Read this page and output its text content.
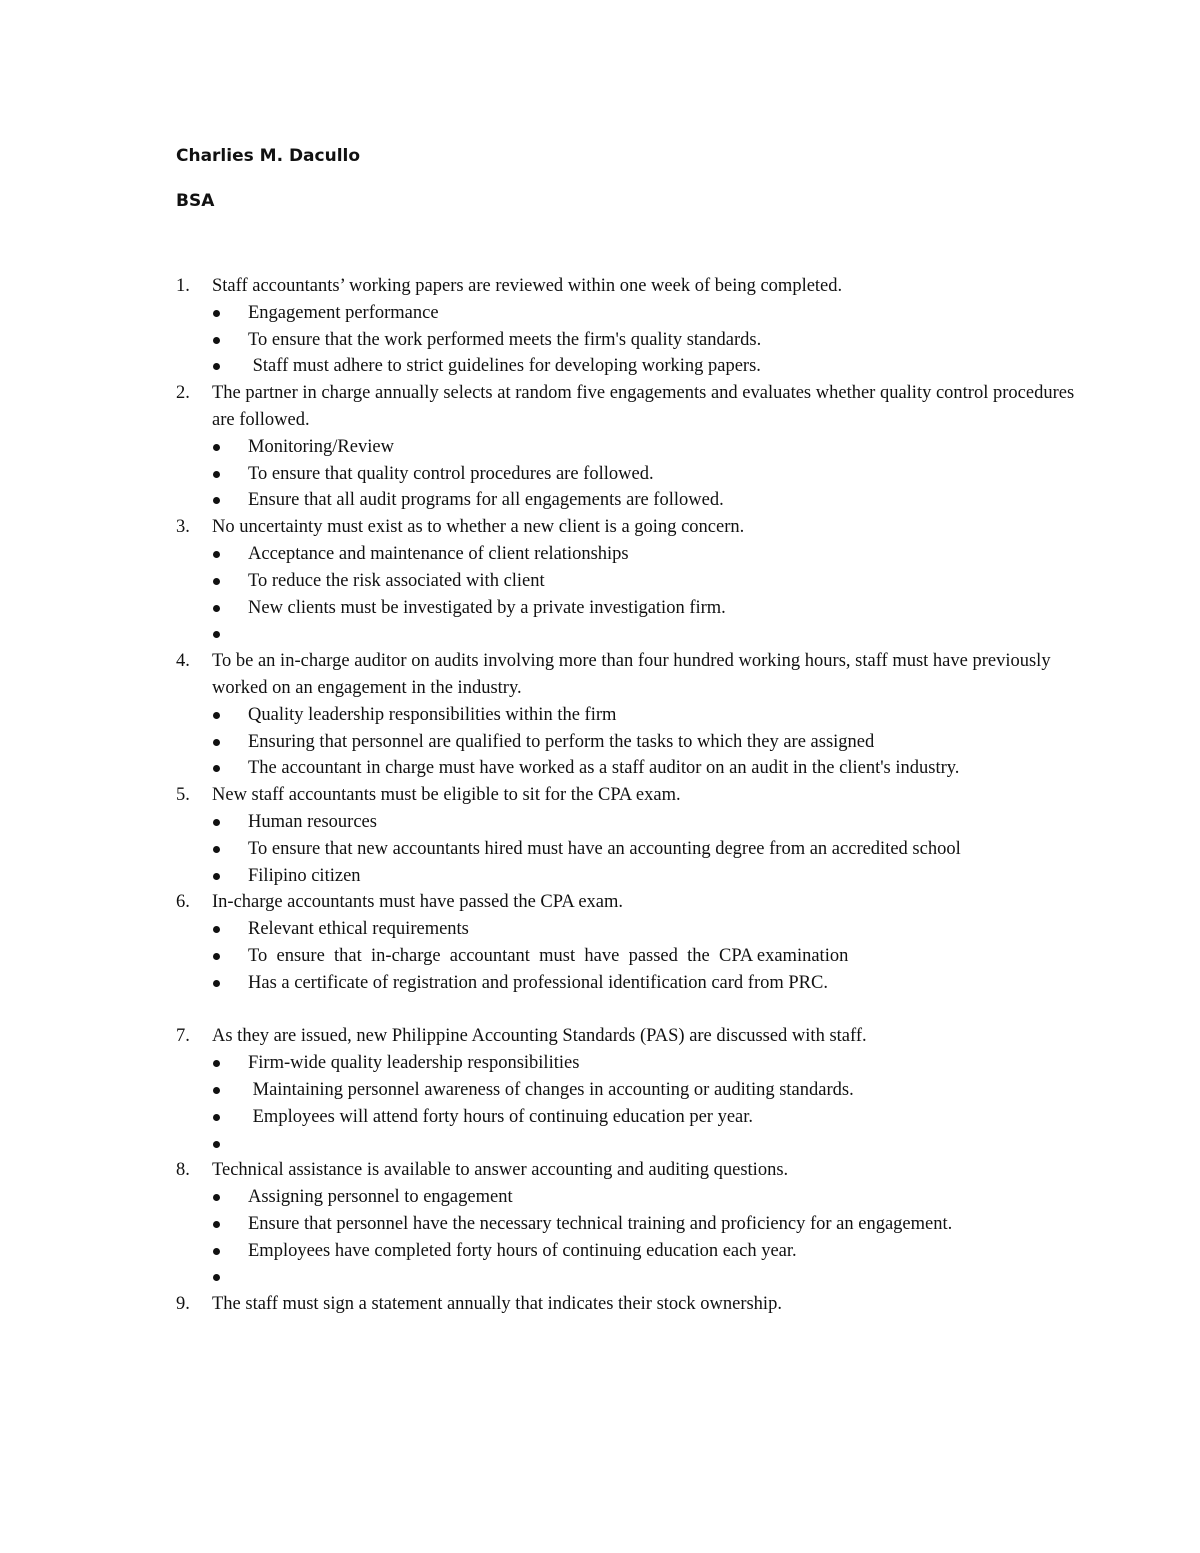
Charlies M. Dacullo
BSA
1.	Staff accountants’ working papers are reviewed within one week of being completed.
Engagement performance
To ensure that the work performed meets the firm's quality standards.
Staff must adhere to strict guidelines for developing working papers.
2.	The partner in charge annually selects at random five engagements and evaluates whether quality control procedures are followed.
Monitoring/Review
To ensure that quality control procedures are followed.
Ensure that all audit programs for all engagements are followed.
3.	No uncertainty must exist as to whether a new client is a going concern.
Acceptance and maintenance of client relationships
To reduce the risk associated with client
New clients must be investigated by a private investigation firm.
4.	To be an in-charge auditor on audits involving more than four hundred working hours, staff must have previously worked on an engagement in the industry.
Quality leadership responsibilities within the firm
Ensuring that personnel are qualified to perform the tasks to which they are assigned
The accountant in charge must have worked as a staff auditor on an audit in the client's industry.
5.	New staff accountants must be eligible to sit for the CPA exam.
Human resources
To ensure that new accountants hired must have an accounting degree from an accredited school
Filipino citizen
6.	In-charge accountants must have passed the CPA exam.
Relevant ethical requirements
To  ensure  that  in-charge  accountant  must  have  passed  the  CPA examination
Has a certificate of registration and professional identification card from PRC.
7.	As they are issued, new Philippine Accounting Standards (PAS) are discussed with staff.
Firm-wide quality leadership responsibilities
Maintaining personnel awareness of changes in accounting or auditing standards.
Employees will attend forty hours of continuing education per year.
8.	Technical assistance is available to answer accounting and auditing questions.
Assigning personnel to engagement
Ensure that personnel have the necessary technical training and proficiency for an engagement.
Employees have completed forty hours of continuing education each year.
9.	The staff must sign a statement annually that indicates their stock ownership.
